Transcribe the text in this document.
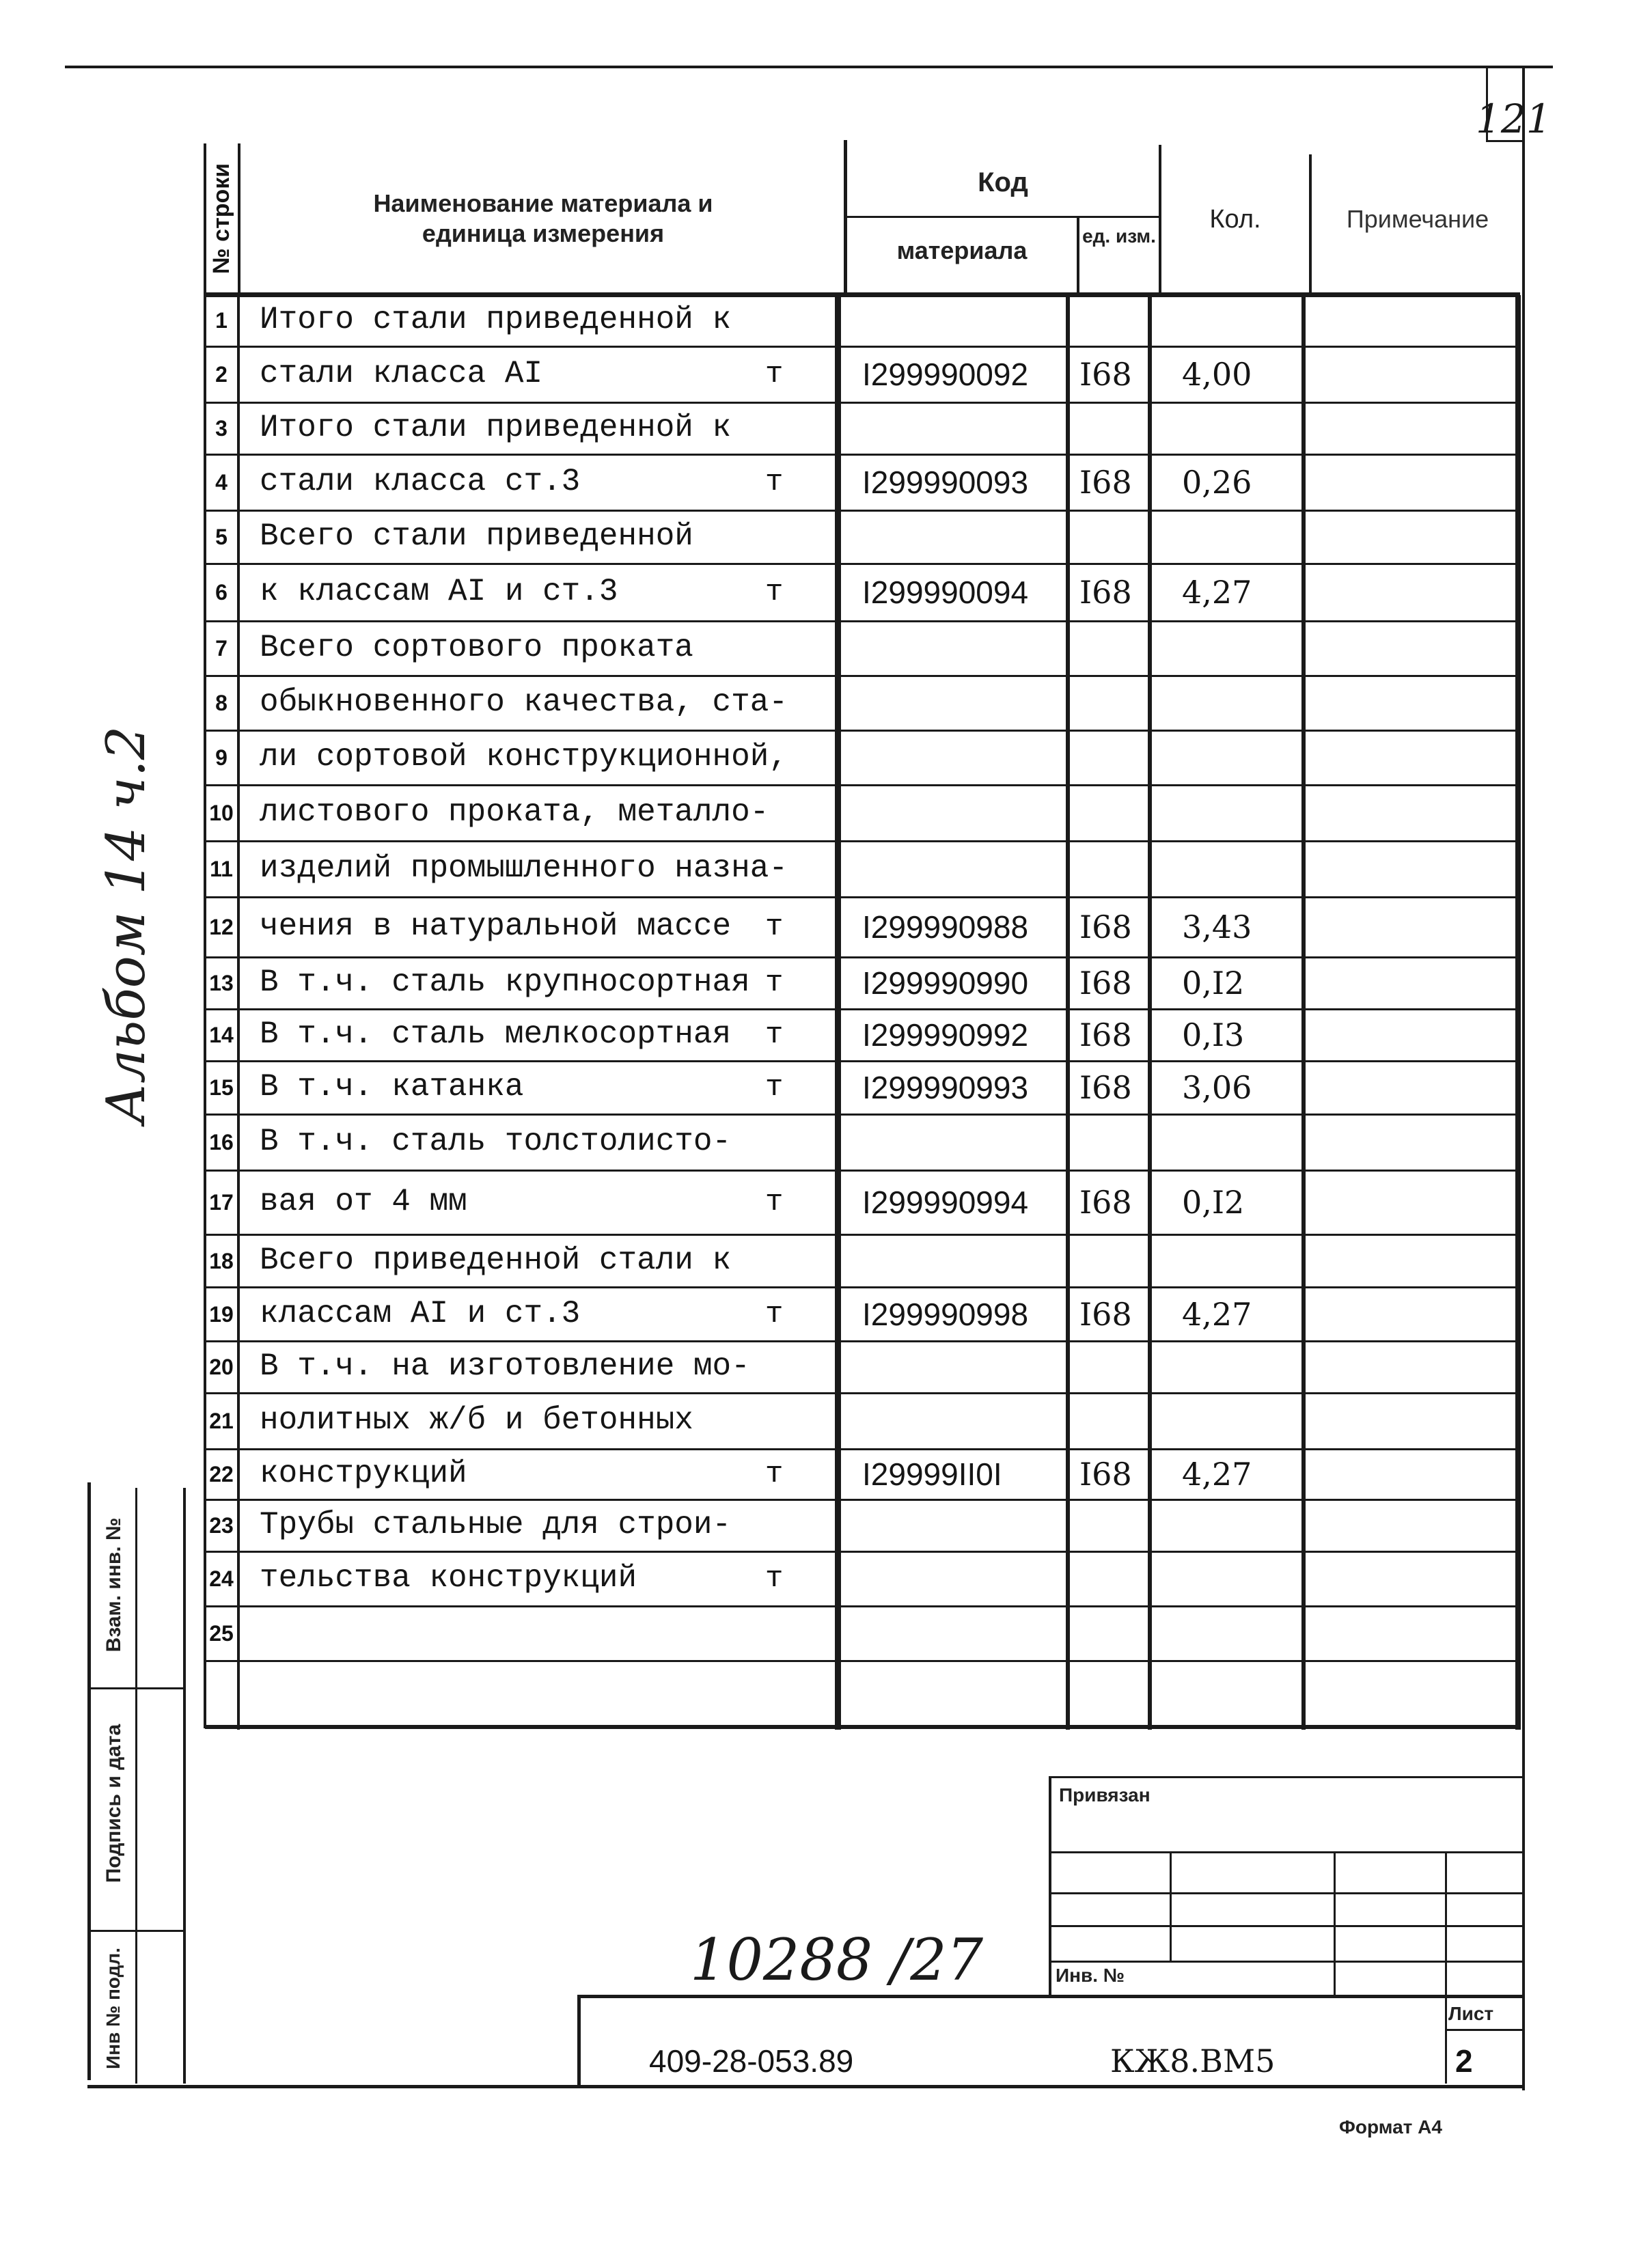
121
№ строки	Наименование материала и
единица измерения
Код
материала
ед. изм.
Кол.	Примечание
1	Итого стали приведенной к
2	стали класса АI	т	I299990092 I68 4,00
3	Итого стали приведенной к
4	стали класса ст.3	т	I299990093 I68 0,26
5	Всего стали приведенной
6	к классам АI и ст.3	т	I299990094 I68 4,27
7	Всего сортового проката
8	обыкновенного качества, ста-
9	ли сортовой конструкционной,
10 листового проката, металло-
11 изделий промышленного назна-
12 чения в натуральной массе т	I299990988 I68 3,43
13 В т.ч. сталь крупносортная т	I299990990 I68 0,I2
14 В т.ч. сталь мелкосортная т	I299990992 I68 0,I3
15 В т.ч. катанка	т	I299990993 I68 3,06
16 В т.ч. сталь толстолисто-
17 вая от 4 мм	т	I299990994 I68 0,I2
18 Всего приведенной стали к
19 классам АI и ст.3	т	I299990998 I68 4,27
20 В т.ч. на изготовление мо-
21 нолитных ж/б и бетонных
22 конструкций	т	I29999II0I I68 4,27
23 Трубы стальные для строи-
24 тельства конструкций	т
25
Взам. инв. №
Подпись и дата
Инв № подл.
Альбом 14 ч.2
10288 /27
Привязан
Инв. №
Лист
2
409-28-053.89	КЖ8.ВМ5
Формат А4
